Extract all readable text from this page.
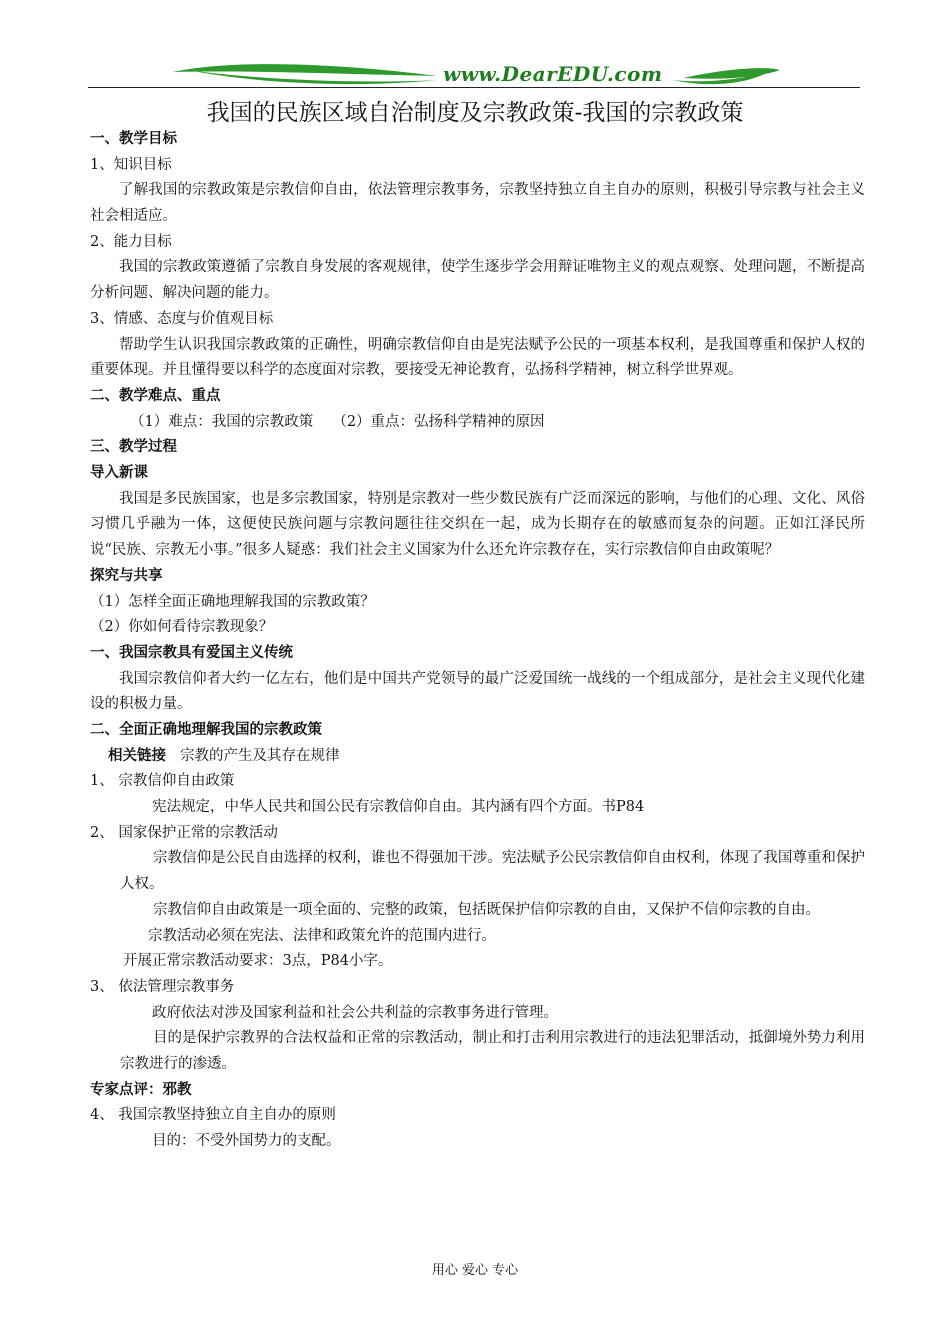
www.DearEDU.com
我国的民族区域自治制度及宗教政策-我国的宗教政策
一、教学目标
1、知识目标
了解我国的宗教政策是宗教信仰自由，依法管理宗教事务，宗教坚持独立自主自办的原则，积极引导宗教与社会主义社会相适应。
2、能力目标
我国的宗教政策遵循了宗教自身发展的客观规律，使学生逐步学会用辩证唯物主义的观点观察、处理问题，不断提高分析问题、解决问题的能力。
3、情感、态度与价值观目标
帮助学生认识我国宗教政策的正确性，明确宗教信仰自由是宪法赋予公民的一项基本权利，是我国尊重和保护人权的重要体现。并且懂得要以科学的态度面对宗教，要接受无神论教育，弘扬科学精神，树立科学世界观。
二、教学难点、重点
（1）难点：我国的宗教政策　 （2）重点：弘扬科学精神的原因
三、教学过程
导入新课
我国是多民族国家，也是多宗教国家，特别是宗教对一些少数民族有广泛而深远的影响，与他们的心理、文化、风俗习惯几乎融为一体，这便使民族问题与宗教问题往往交织在一起，成为长期存在的敏感而复杂的问题。正如江泽民所说“民族、宗教无小事。”很多人疑惑：我们社会主义国家为什么还允许宗教存在，实行宗教信仰自由政策呢？
探究与共享
（1）怎样全面正确地理解我国的宗教政策？
（2）你如何看待宗教现象？
一、我国宗教具有爱国主义传统
我国宗教信仰者大约一亿左右，他们是中国共产党领导的最广泛爱国统一战线的一个组成部分，是社会主义现代化建设的积极力量。
二、全面正确地理解我国的宗教政策
相关链接 宗教的产生及其存在规律
1、 宗教信仰自由政策
宪法规定，中华人民共和国公民有宗教信仰自由。其内涵有四个方面。书P84
2、 国家保护正常的宗教活动
宗教信仰是公民自由选择的权利，谁也不得强加干涉。宪法赋予公民宗教信仰自由权利，体现了我国尊重和保护人权。
宗教信仰自由政策是一项全面的、完整的政策，包括既保护信仰宗教的自由，又保护不信仰宗教的自由。
宗教活动必须在宪法、法律和政策允许的范围内进行。
开展正常宗教活动要求：3点，P84小字。
3、 依法管理宗教事务
政府依法对涉及国家利益和社会公共利益的宗教事务进行管理。
目的是保护宗教界的合法权益和正常的宗教活动，制止和打击利用宗教进行的违法犯罪活动，抵御境外势力利用宗教进行的渗透。
专家点评：邪教
4、 我国宗教坚持独立自主自办的原则
目的：不受外国势力的支配。
用心 爱心 专心
